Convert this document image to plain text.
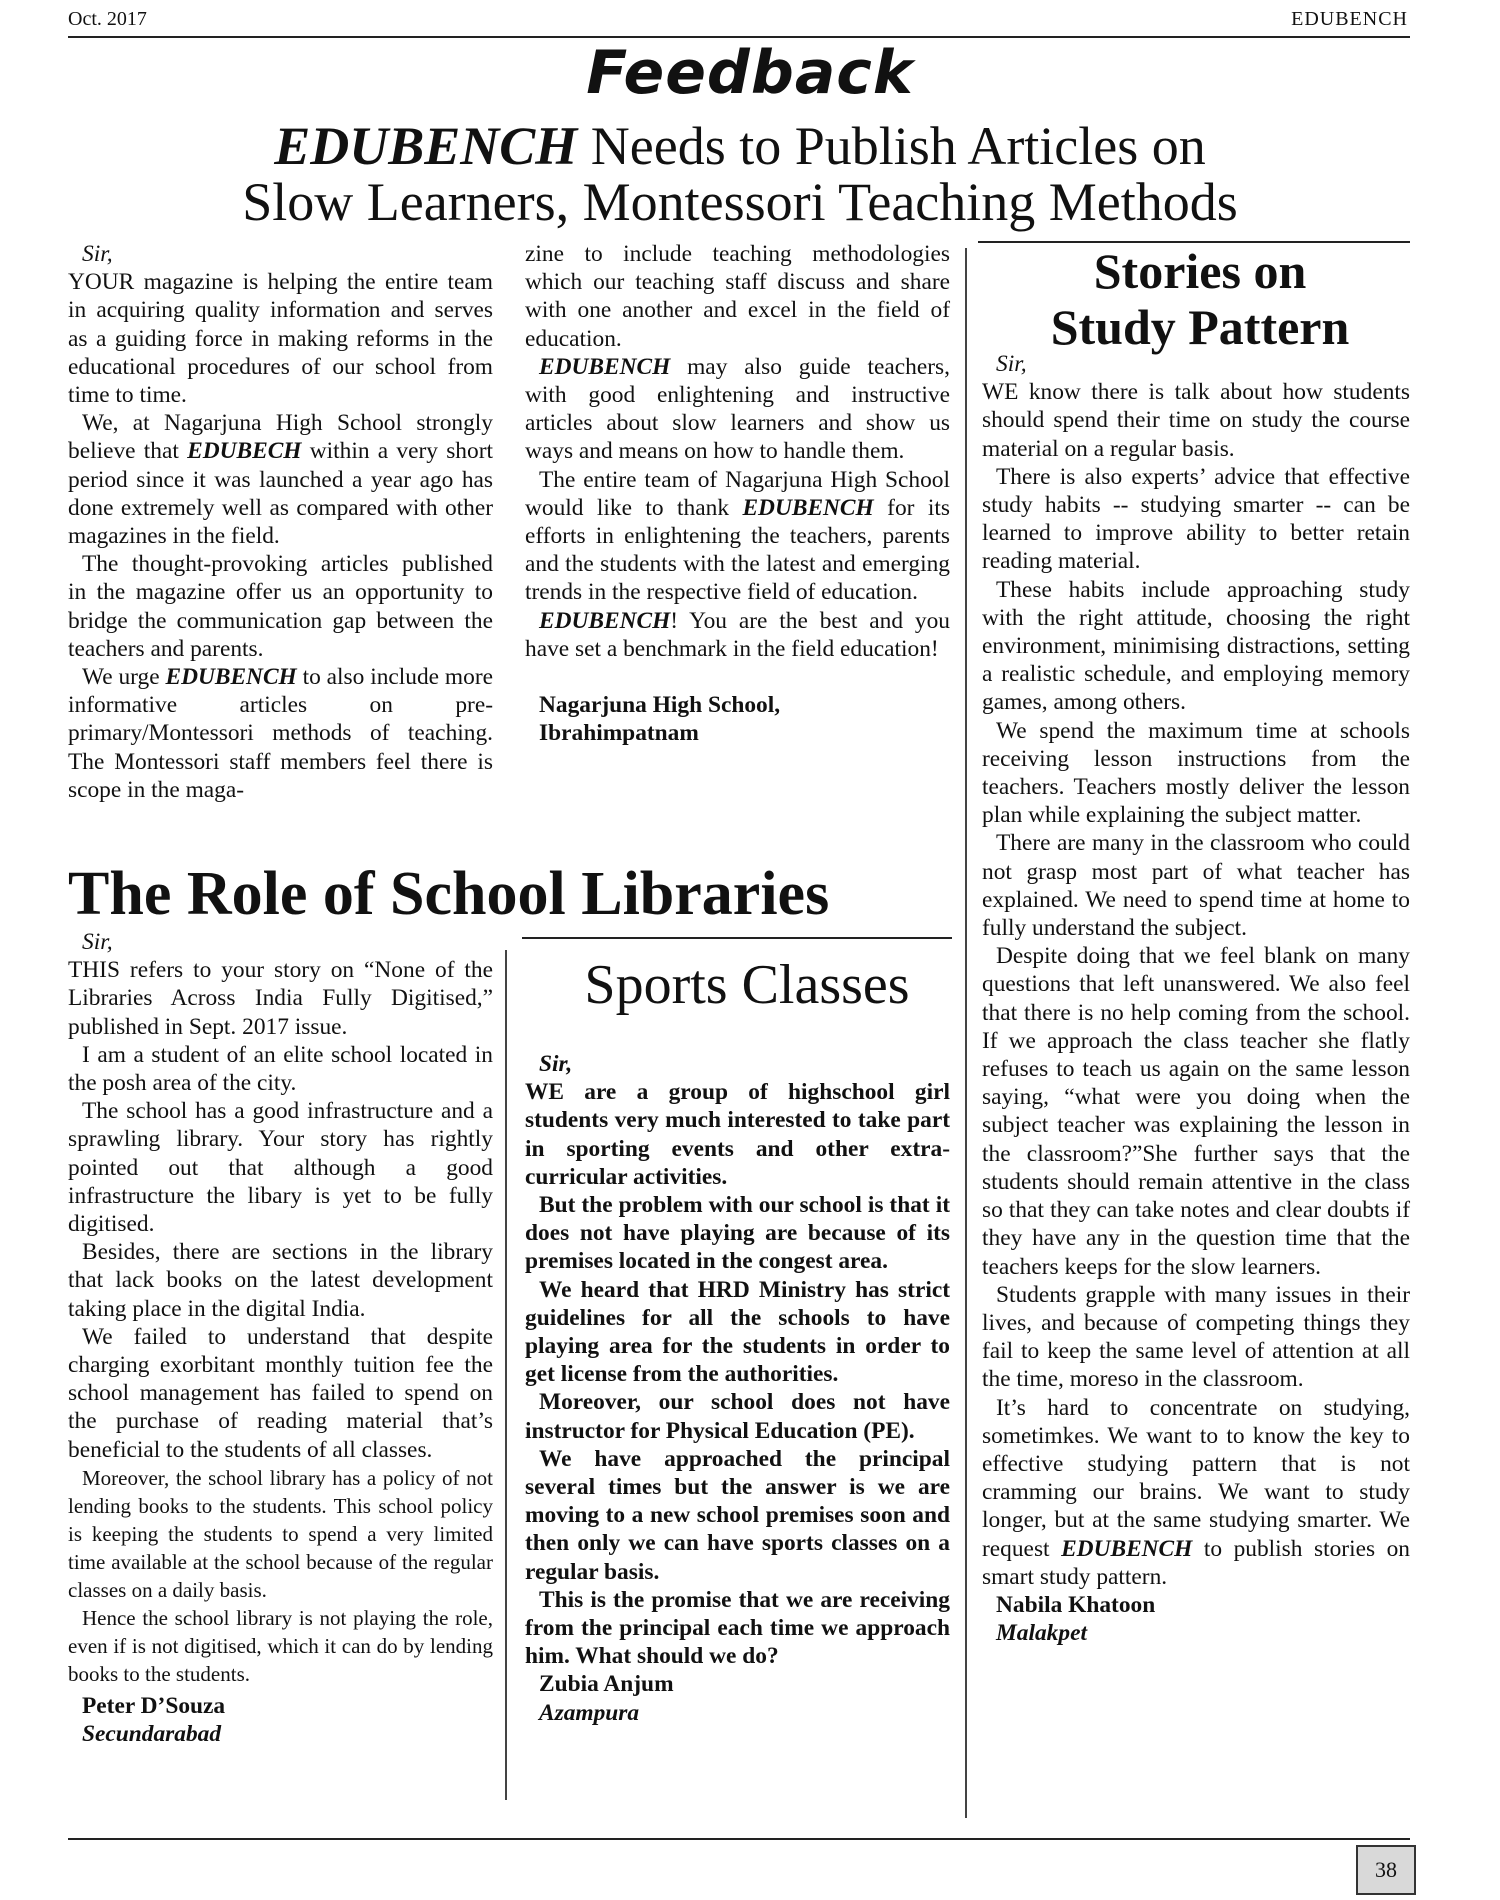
Oct. 2017	EDUBENCH
Feedback
EDUBENCH Needs to Publish Articles on
Slow Learners, Montessori Teaching Methods

Sir,

YOUR magazine is helping the entire team in acquiring quality information and serves as a guiding force in making reforms in the educational procedures of our school from time to time.

We, at Nagarjuna High School strongly believe that EDUBECH within a very short period since it was launched a year ago has done extremely well as compared with other magazines in the field.

The thought-provoking articles published in the magazine offer us an opportunity to bridge the communication gap between the teachers and parents.

We urge EDUBENCH to also include more informative articles on pre-primary/Montessori methods of teaching. The Montessori staff members feel there is scope in the maga-

zine to include teaching methodologies which our teaching staff discuss and share with one another and excel in the field of education.

EDUBENCH may also guide teachers, with good enlightening and instructive articles about slow learners and show us ways and means on how to handle them.

The entire team of Nagarjuna High School would like to thank EDUBENCH for its efforts in enlightening the teachers, parents and the students with the latest and emerging trends in the respective field of education.

EDUBENCH! You are the best and you have set a benchmark in the field education!

Nagarjuna High School,

Ibrahimpatnam

Stories on
Study Pattern

Sir,

WE know there is talk about how students should spend their time on study the course material on a regular basis.

There is also experts’ advice that effective study habits -- studying smarter -- can be learned to improve ability to better retain reading material.

These habits include approaching study with the right attitude, choosing the right environment, minimising distractions, setting a realistic schedule, and employing memory games, among others.

We spend the maximum time at schools receiving lesson instructions from the teachers. Teachers mostly deliver the lesson plan while explaining the subject matter.

There are many in the classroom who could not grasp most part of what teacher has explained. We need to spend time at home to fully understand the subject.

Despite doing that we feel blank on many questions that left unanswered. We also feel that there is no help coming from the school. If we approach the class teacher she flatly refuses to teach us again on the same lesson saying, “what were you doing when the subject teacher was explaining the lesson in the classroom?”She further says that the students should remain attentive in the class so that they can take notes and clear doubts if they have any in the question time that the teachers keeps for the slow learners.

Students grapple with many issues in their lives, and because of competing things they fail to keep the same level of attention at all the time, moreso in the classroom.

It’s hard to concentrate on studying, sometimkes. We want to to know the key to effective studying pattern that is not cramming our brains. We want to study longer, but at the same studying smarter. We request EDUBENCH to publish stories on smart study pattern.

Nabila Khatoon

Malakpet

The Role of School Libraries

Sir,

THIS refers to your story on “None of the Libraries Across India Fully Digitised,” published in Sept. 2017 issue.

I am a student of an elite school located in the posh area of the city.

The school has a good infrastructure and a sprawling library. Your story has rightly pointed out that although a good infrastructure the libary is yet to be fully digitised.

Besides, there are sections in the library that lack books on the latest development taking place in the digital India.

We failed to understand that despite charging exorbitant monthly tuition fee the school management has failed to spend on the purchase of reading material that’s beneficial to the students of all classes.

Moreover, the school library has a policy of not lending books to the students. This school policy is keeping the students to spend a very limited time available at the school because of the regular classes on a daily basis.

Hence the school library is not playing the role, even if is not digitised, which it can do by lending books to the students.

Peter D’Souza

Secundarabad

Sports Classes

Sir,

WE are a group of highschool girl students very much interested to take part in sporting events and other extra-curricular activities.

But the problem with our school is that it does not have playing are because of its premises located in the congest area.

We heard that HRD Ministry has strict guidelines for all the schools to have playing area for the students in order to get license from the authorities.

Moreover, our school does not have instructor for Physical Education (PE).

We have approached the principal several times but the answer is we are moving to a new school premises soon and then only we can have sports classes on a regular basis.

This is the promise that we are receiving from the principal each time we approach him. What should we do?

Zubia Anjum

Azampura

38
